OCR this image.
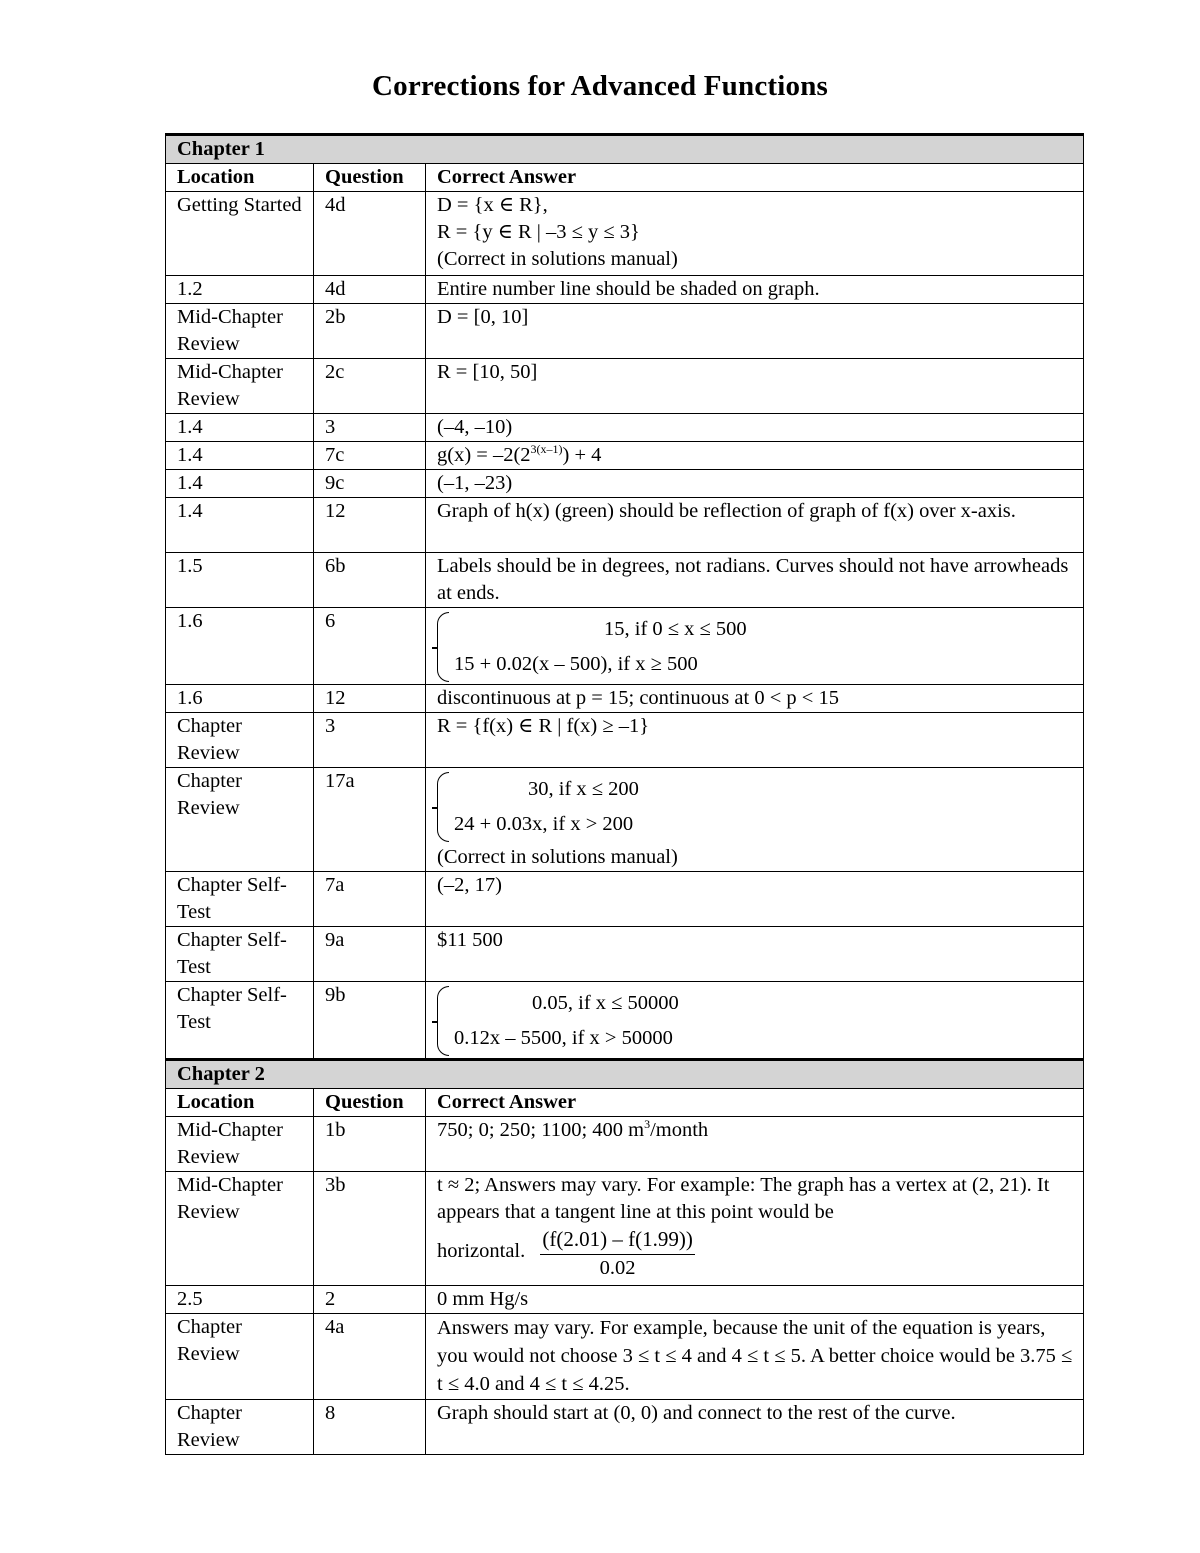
Corrections for Advanced Functions
Chapter 1		
Location	Question	Correct Answer
Getting Started	4d	D = {x ∈ R},
R = {y ∈ R | –3 ≤ y ≤ 3}
(Correct in solutions manual)

1.2	4d	Entire number line should be shaded on graph.
Mid-Chapter Review	2b	D = [0, 10]
Mid-Chapter Review	2c	R = [10, 50]
1.4	3	(–4, –10)
1.4	7c	$g(x) = -2(2^{3(x-1)}) + 4$
1.4	9c	(–1, –23)
1.4	12	Graph of h(x) (green) should be reflection of graph of f(x) over x-axis.
1.5	6b	Labels should be in degrees, not radians. Curves should not have arrowheads at ends.
1.6	6	15, if 0 ≤ x ≤ 500
15 + 0.02(x – 500), if x ≥ 500

1.6	12	discontinuous at p = 15; continuous at 0 < p < 15
Chapter Review	3	R = {f(x) ∈ R | f(x) ≥ –1}
Chapter Review	17a	30, if x ≤ 200
24 + 0.03x, if x > 200
(Correct in solutions manual)

Chapter Self-Test	7a	(–2, 17)
Chapter Self-Test	9a	$11 500
Chapter Self-Test	9b	0.05, if x ≤ 50000
0.12x – 5500, if x > 50000

Chapter 2		
Location	Question	Correct Answer
Mid-Chapter Review	1b	750; 0; 250; 1100; 400 $m^3$/month
Mid-Chapter Review	3b	t ≈ 2; Answers may vary. For example: The graph has a vertex at (2, 21). It appears that a tangent line at this point would be
horizontal. $\frac{(f(2.01) - f(1.99))}{0.02}$

2.5	2	0 mm Hg/s
Chapter Review	4a	Answers may vary. For example, because the unit of the equation is years, you would not choose 3 ≤ t ≤ 4 and 4 ≤ t ≤ 5. A better choice would be 3.75 ≤ t ≤ 4.0 and 4 ≤ t ≤ 4.25.
Chapter Review	8	Graph should start at (0, 0) and connect to the rest of the curve.
